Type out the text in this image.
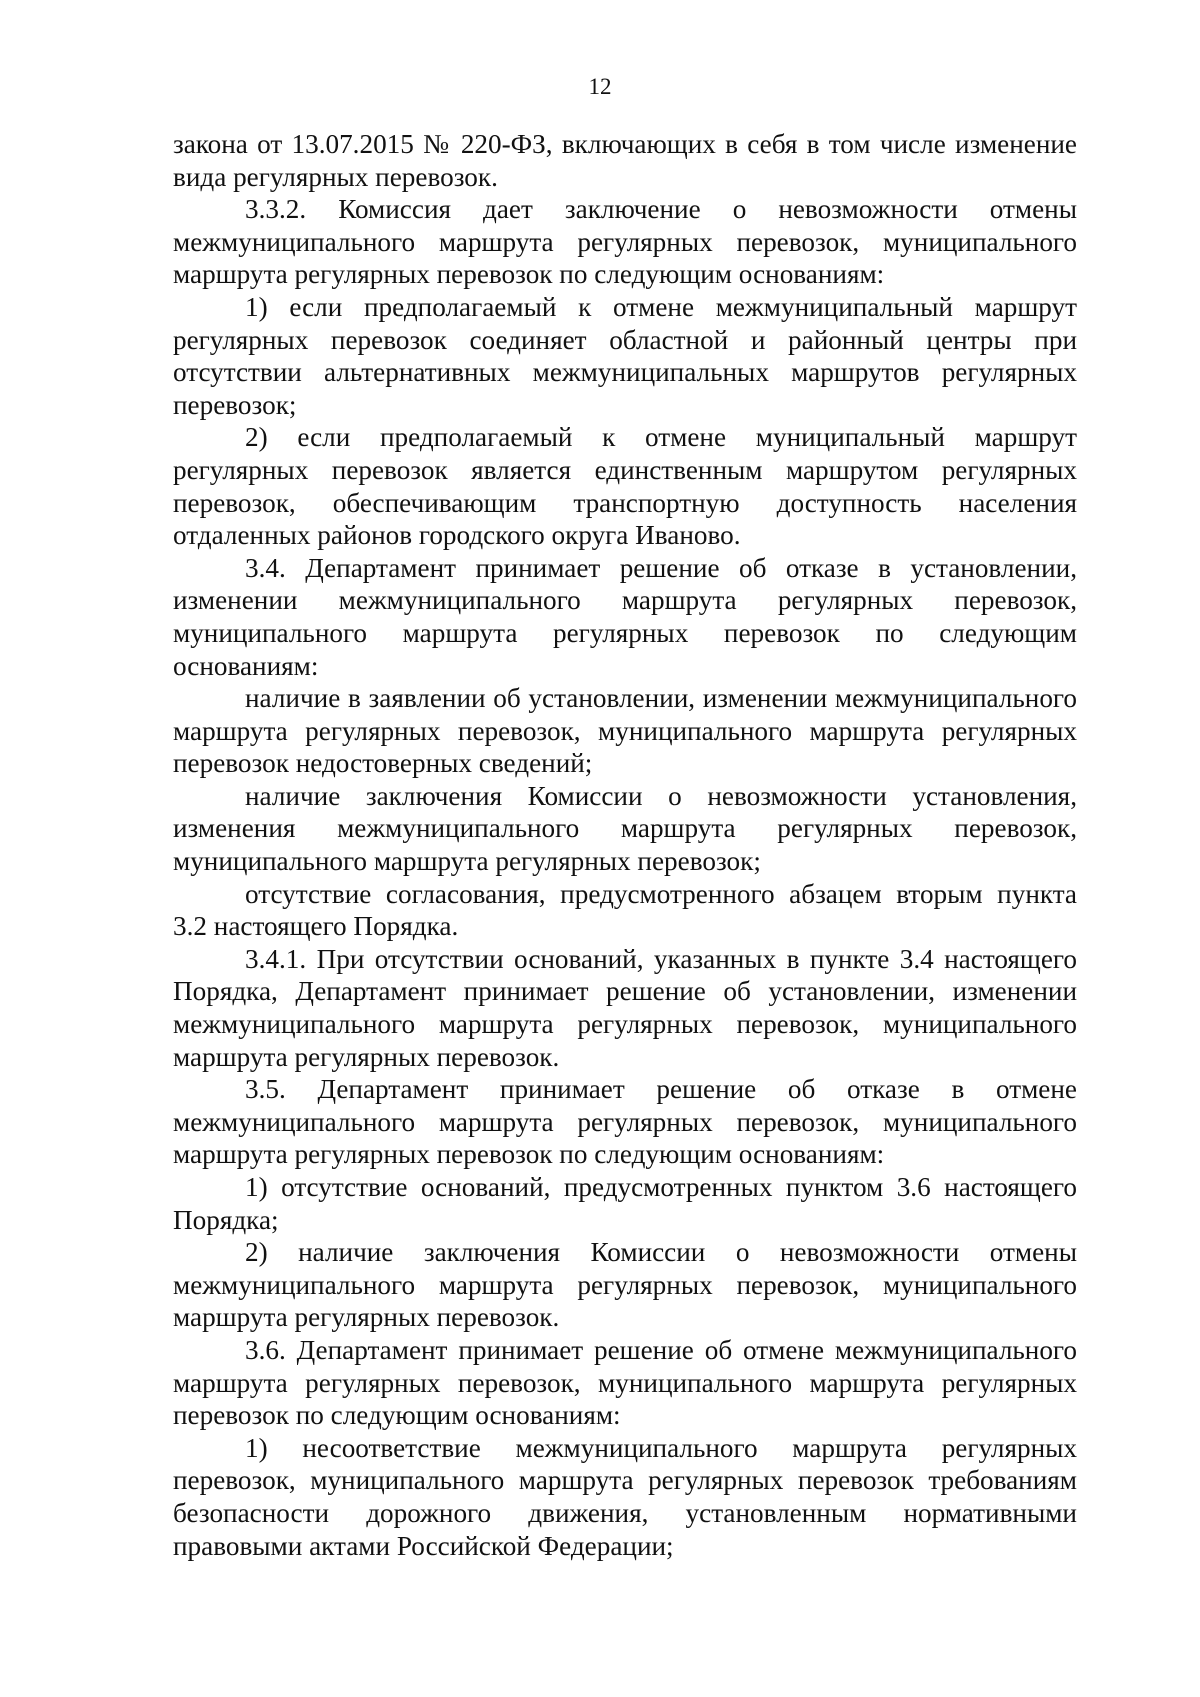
12

закона от 13.07.2015 № 220-ФЗ, включающих в себя в том числе изменение вида регулярных перевозок.

3.3.2. Комиссия дает заключение о невозможности отмены межмуниципального маршрута регулярных перевозок, муниципального маршрута регулярных перевозок по следующим основаниям:

1) если предполагаемый к отмене межмуниципальный маршрут регулярных перевозок соединяет областной и районный центры при отсутствии альтернативных межмуниципальных маршрутов регулярных перевозок;

2) если предполагаемый к отмене муниципальный маршрут регулярных перевозок является единственным маршрутом регулярных перевозок, обеспечивающим транспортную доступность населения отдаленных районов городского округа Иваново.

3.4. Департамент принимает решение об отказе в установлении, изменении межмуниципального маршрута регулярных перевозок, муниципального маршрута регулярных перевозок по следующим основаниям:

наличие в заявлении об установлении, изменении межмуниципального маршрута регулярных перевозок, муниципального маршрута регулярных перевозок недостоверных сведений;

наличие заключения Комиссии о невозможности установления, изменения межмуниципального маршрута регулярных перевозок, муниципального маршрута регулярных перевозок;

отсутствие согласования, предусмотренного абзацем вторым пункта 3.2 настоящего Порядка.

3.4.1. При отсутствии оснований, указанных в пункте 3.4 настоящего Порядка, Департамент принимает решение об установлении, изменении межмуниципального маршрута регулярных перевозок, муниципального маршрута регулярных перевозок.

3.5. Департамент принимает решение об отказе в отмене межмуниципального маршрута регулярных перевозок, муниципального маршрута регулярных перевозок по следующим основаниям:

1) отсутствие оснований, предусмотренных пунктом 3.6 настоящего Порядка;

2) наличие заключения Комиссии о невозможности отмены межмуниципального маршрута регулярных перевозок, муниципального маршрута регулярных перевозок.

3.6. Департамент принимает решение об отмене межмуниципального маршрута регулярных перевозок, муниципального маршрута регулярных перевозок по следующим основаниям:

1) несоответствие межмуниципального маршрута регулярных перевозок, муниципального маршрута регулярных перевозок требованиям безопасности дорожного движения, установленным нормативными правовыми актами Российской Федерации;
